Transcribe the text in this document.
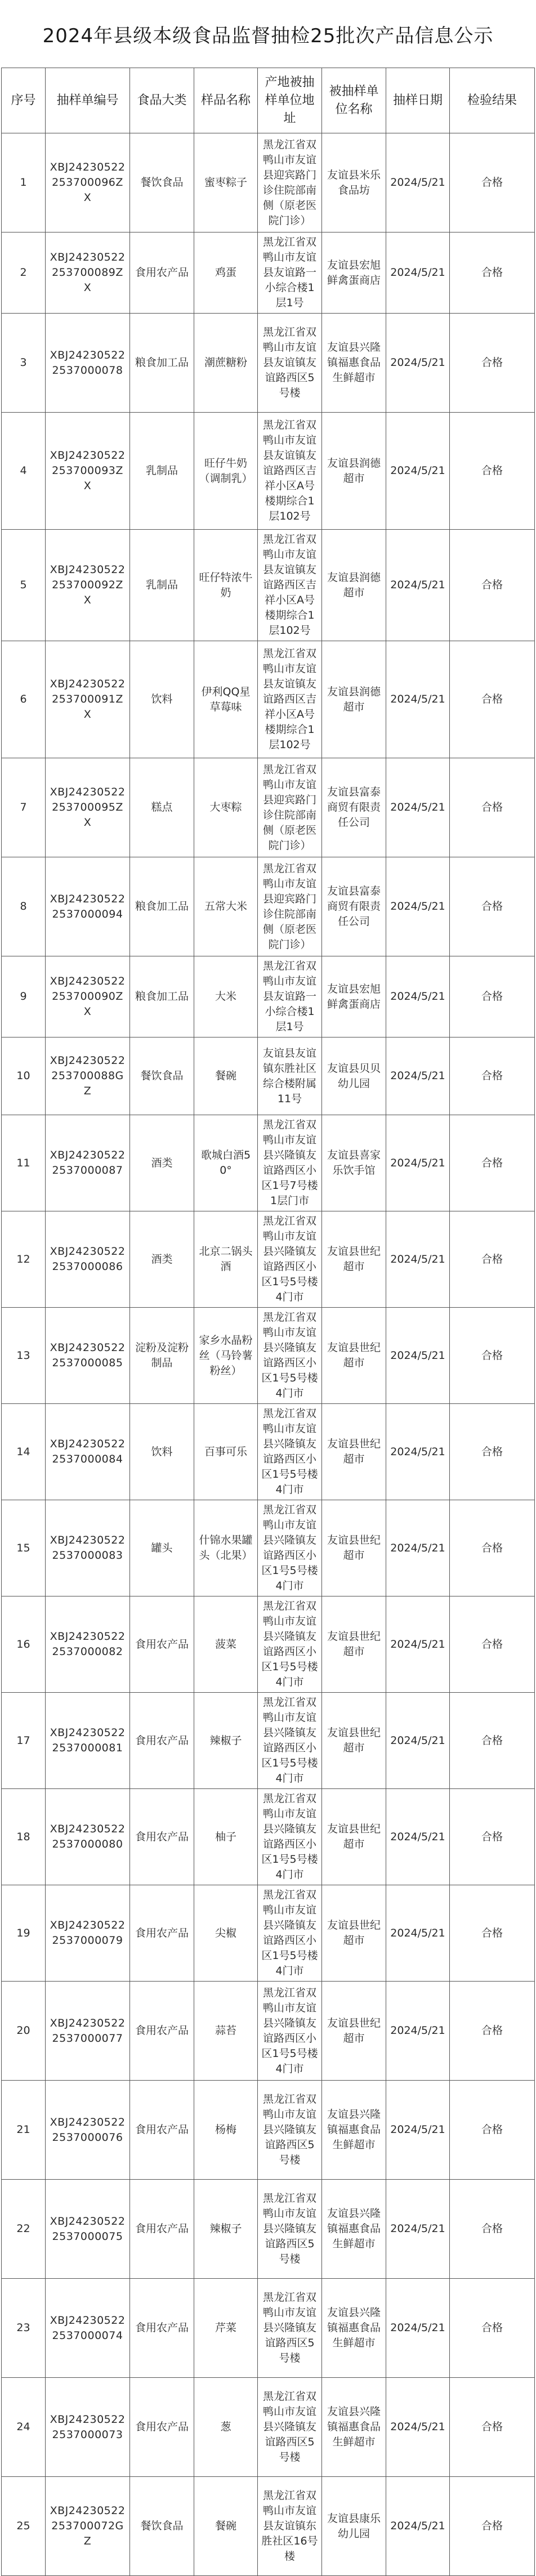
2024年县级本级食品监督抽检25批次产品信息公示
序号	抽样单编号	食品大类	样品名称	产地被抽样单位地址	被抽样单位名称	抽样日期	检验结果
1	XBJ24230522253700096ZX	餐饮食品	蜜枣粽子	黑龙江省双鸭山市友谊县迎宾路门诊住院部南侧（原老医院门诊）	友谊县米乐食品坊	2024/5/21	合格
2	XBJ24230522253700089ZX	食用农产品	鸡蛋	黑龙江省双鸭山市友谊县友谊路一小综合楼1层1号	友谊县宏旭鲜禽蛋商店	2024/5/21	合格
3	XBJ242305222537000078	粮食加工品	潮蔗糖粉	黑龙江省双鸭山市友谊县友谊镇友谊路西区5号楼	友谊县兴隆镇福惠食品生鲜超市	2024/5/21	合格
4	XBJ24230522253700093ZX	乳制品	旺仔牛奶（调制乳）	黑龙江省双鸭山市友谊县友谊镇友谊路西区吉祥小区A号楼期综合1层102号	友谊县润德超市	2024/5/21	合格
5	XBJ24230522253700092ZX	乳制品	旺仔特浓牛奶	黑龙江省双鸭山市友谊县友谊镇友谊路西区吉祥小区A号楼期综合1层102号	友谊县润德超市	2024/5/21	合格
6	XBJ24230522253700091ZX	饮料	伊利QQ星草莓味	黑龙江省双鸭山市友谊县友谊镇友谊路西区吉祥小区A号楼期综合1层102号	友谊县润德超市	2024/5/21	合格
7	XBJ24230522253700095ZX	糕点	大枣粽	黑龙江省双鸭山市友谊县迎宾路门诊住院部南侧（原老医院门诊）	友谊县富泰商贸有限责任公司	2024/5/21	合格
8	XBJ242305222537000094	粮食加工品	五常大米	黑龙江省双鸭山市友谊县迎宾路门诊住院部南侧（原老医院门诊）	友谊县富泰商贸有限责任公司	2024/5/21	合格
9	XBJ24230522253700090ZX	粮食加工品	大米	黑龙江省双鸭山市友谊县友谊路一小综合楼1层1号	友谊县宏旭鲜禽蛋商店	2024/5/21	合格
10	XBJ24230522253700088GZ	餐饮食品	餐碗	友谊县友谊镇东胜社区综合楼附属11号	友谊县贝贝幼儿园	2024/5/21	合格
11	XBJ242305222537000087	酒类	歌城白酒50°	黑龙江省双鸭山市友谊县兴隆镇友谊路西区小区1号7号楼1层门市	友谊县喜家乐饮手馆	2024/5/21	合格
12	XBJ242305222537000086	酒类	北京二锅头酒	黑龙江省双鸭山市友谊县兴隆镇友谊路西区小区1号5号楼4门市	友谊县世纪超市	2024/5/21	合格
13	XBJ242305222537000085	淀粉及淀粉制品	家乡水晶粉丝（马铃薯粉丝）	黑龙江省双鸭山市友谊县兴隆镇友谊路西区小区1号5号楼4门市	友谊县世纪超市	2024/5/21	合格
14	XBJ242305222537000084	饮料	百事可乐	黑龙江省双鸭山市友谊县兴隆镇友谊路西区小区1号5号楼4门市	友谊县世纪超市	2024/5/21	合格
15	XBJ242305222537000083	罐头	什锦水果罐头（北果）	黑龙江省双鸭山市友谊县兴隆镇友谊路西区小区1号5号楼4门市	友谊县世纪超市	2024/5/21	合格
16	XBJ242305222537000082	食用农产品	菠菜	黑龙江省双鸭山市友谊县兴隆镇友谊路西区小区1号5号楼4门市	友谊县世纪超市	2024/5/21	合格
17	XBJ242305222537000081	食用农产品	辣椒子	黑龙江省双鸭山市友谊县兴隆镇友谊路西区小区1号5号楼4门市	友谊县世纪超市	2024/5/21	合格
18	XBJ242305222537000080	食用农产品	柚子	黑龙江省双鸭山市友谊县兴隆镇友谊路西区小区1号5号楼4门市	友谊县世纪超市	2024/5/21	合格
19	XBJ242305222537000079	食用农产品	尖椒	黑龙江省双鸭山市友谊县兴隆镇友谊路西区小区1号5号楼4门市	友谊县世纪超市	2024/5/21	合格
20	XBJ242305222537000077	食用农产品	蒜苔	黑龙江省双鸭山市友谊县兴隆镇友谊路西区小区1号5号楼4门市	友谊县世纪超市	2024/5/21	合格
21	XBJ242305222537000076	食用农产品	杨梅	黑龙江省双鸭山市友谊县兴隆镇友谊路西区5号楼	友谊县兴隆镇福惠食品生鲜超市	2024/5/21	合格
22	XBJ242305222537000075	食用农产品	辣椒子	黑龙江省双鸭山市友谊县兴隆镇友谊路西区5号楼	友谊县兴隆镇福惠食品生鲜超市	2024/5/21	合格
23	XBJ242305222537000074	食用农产品	芹菜	黑龙江省双鸭山市友谊县兴隆镇友谊路西区5号楼	友谊县兴隆镇福惠食品生鲜超市	2024/5/21	合格
24	XBJ242305222537000073	食用农产品	葱	黑龙江省双鸭山市友谊县兴隆镇友谊路西区5号楼	友谊县兴隆镇福惠食品生鲜超市	2024/5/21	合格
25	XBJ24230522253700072GZ	餐饮食品	餐碗	黑龙江省双鸭山市友谊县友谊镇东胜社区16号楼	友谊县康乐幼儿园	2024/5/21	合格
